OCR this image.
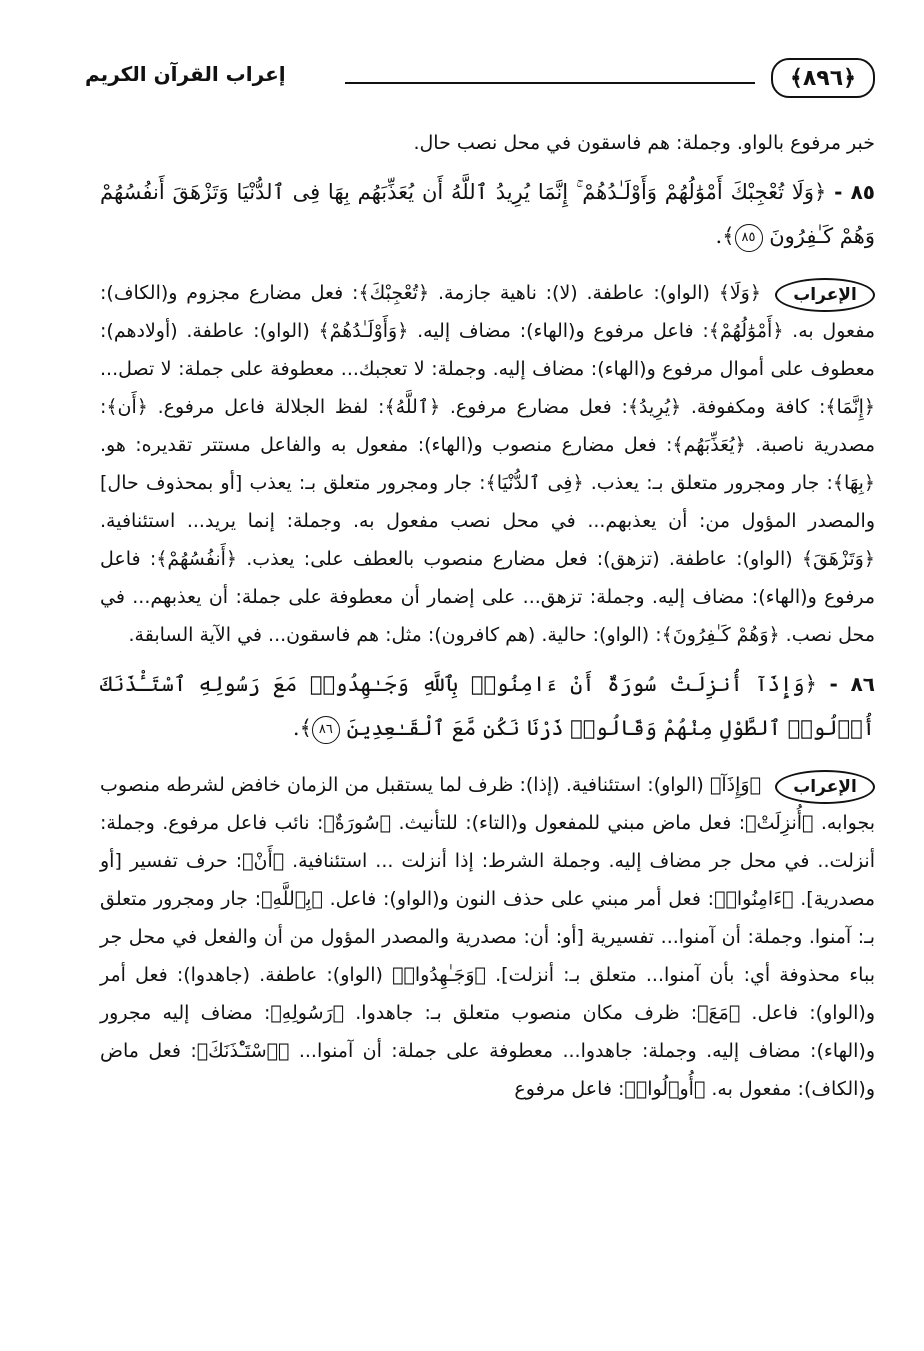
﴿٨٩٦﴾
إعراب القرآن الكريم

خبر مرفوع بالواو. وجملة: هم فاسقون في محل نصب حال.

٨٥ - ﴿وَلَا تُعْجِبْكَ أَمْوَٰلُهُمْ وَأَوْلَـٰدُهُمْ ۚ إِنَّمَا يُرِيدُ ٱللَّهُ أَن يُعَذِّبَهُم بِهَا فِى ٱلدُّنْيَا وَتَزْهَقَ أَنفُسُهُمْ وَهُمْ كَـٰفِرُونَ ٨٥﴾.

الإعراب

﴿وَلَا﴾ (الواو): عاطفة. (لا): ناهية جازمة. ﴿تُعْجِبْكَ﴾: فعل مضارع مجزوم و(الكاف): مفعول به. ﴿أَمْوَٰلُهُمْ﴾: فاعل مرفوع و(الهاء): مضاف إليه. ﴿وَأَوْلَـٰدُهُمْ﴾ (الواو): عاطفة. (أولادهم): معطوف على أموال مرفوع و(الهاء): مضاف إليه. وجملة: لا تعجبك... معطوفة على جملة: لا تصل... ﴿إِنَّمَا﴾: كافة ومكفوفة. ﴿يُرِيدُ﴾: فعل مضارع مرفوع. ﴿ٱللَّهُ﴾: لفظ الجلالة فاعل مرفوع. ﴿أَن﴾: مصدرية ناصبة. ﴿يُعَذِّبَهُم﴾: فعل مضارع منصوب و(الهاء): مفعول به والفاعل مستتر تقديره: هو. ﴿بِهَا﴾: جار ومجرور متعلق بـ: يعذب. ﴿فِى ٱلدُّنْيَا﴾: جار ومجرور متعلق بـ: يعذب [أو بمحذوف حال] والمصدر المؤول من: أن يعذبهم... في محل نصب مفعول به. وجملة: إنما يريد... استئنافية. ﴿وَتَزْهَقَ﴾ (الواو): عاطفة. (تزهق): فعل مضارع منصوب بالعطف على: يعذب. ﴿أَنفُسُهُمْ﴾: فاعل مرفوع و(الهاء): مضاف إليه. وجملة: تزهق... على إضمار أن معطوفة على جملة: أن يعذبهم... في محل نصب. ﴿وَهُمْ كَـٰفِرُونَ﴾: (الواو): حالية. (هم كافرون): مثل: هم فاسقون... في الآية السابقة.

٨٦ - ﴿وَإِذَآ أُنزِلَتْ سُورَةٌ أَنْ ءَامِنُوا۟ بِٱللَّهِ وَجَـٰهِدُوا۟ مَعَ رَسُولِهِ ٱسْتَـْٔذَنَكَ أُو۟لُوا۟ ٱلطَّوْلِ مِنْهُمْ وَقَالُوا۟ ذَرْنَا نَكُن مَّعَ ٱلْقَـٰعِدِينَ ٨٦﴾.

الإعراب

﴿وَإِذَآ﴾ (الواو): استئنافية. (إذا): ظرف لما يستقبل من الزمان خافض لشرطه منصوب بجوابه. ﴿أُنزِلَتْ﴾: فعل ماض مبني للمفعول و(التاء): للتأنيث. ﴿سُورَةٌ﴾: نائب فاعل مرفوع. وجملة: أنزلت.. في محل جر مضاف إليه. وجملة الشرط: إذا أنزلت ... استئنافية. ﴿أَنْ﴾: حرف تفسير [أو مصدرية]. ﴿ءَامِنُوا۟﴾: فعل أمر مبني على حذف النون و(الواو): فاعل. ﴿بِٱللَّهِ﴾: جار ومجرور متعلق بـ: آمنوا. وجملة: أن آمنوا... تفسيرية [أو: أن: مصدرية والمصدر المؤول من أن والفعل في محل جر بباء محذوفة أي: بأن آمنوا... متعلق بـ: أنزلت]. ﴿وَجَـٰهِدُوا۟﴾ (الواو): عاطفة. (جاهدوا): فعل أمر و(الواو): فاعل. ﴿مَعَ﴾: ظرف مكان منصوب متعلق بـ: جاهدوا. ﴿رَسُولِهِ﴾: مضاف إليه مجرور و(الهاء): مضاف إليه. وجملة: جاهدوا... معطوفة على جملة: أن آمنوا... ﴿ٱسْتَـْٔذَنَكَ﴾: فعل ماض و(الكاف): مفعول به. ﴿أُو۟لُوا۟﴾: فاعل مرفوع
